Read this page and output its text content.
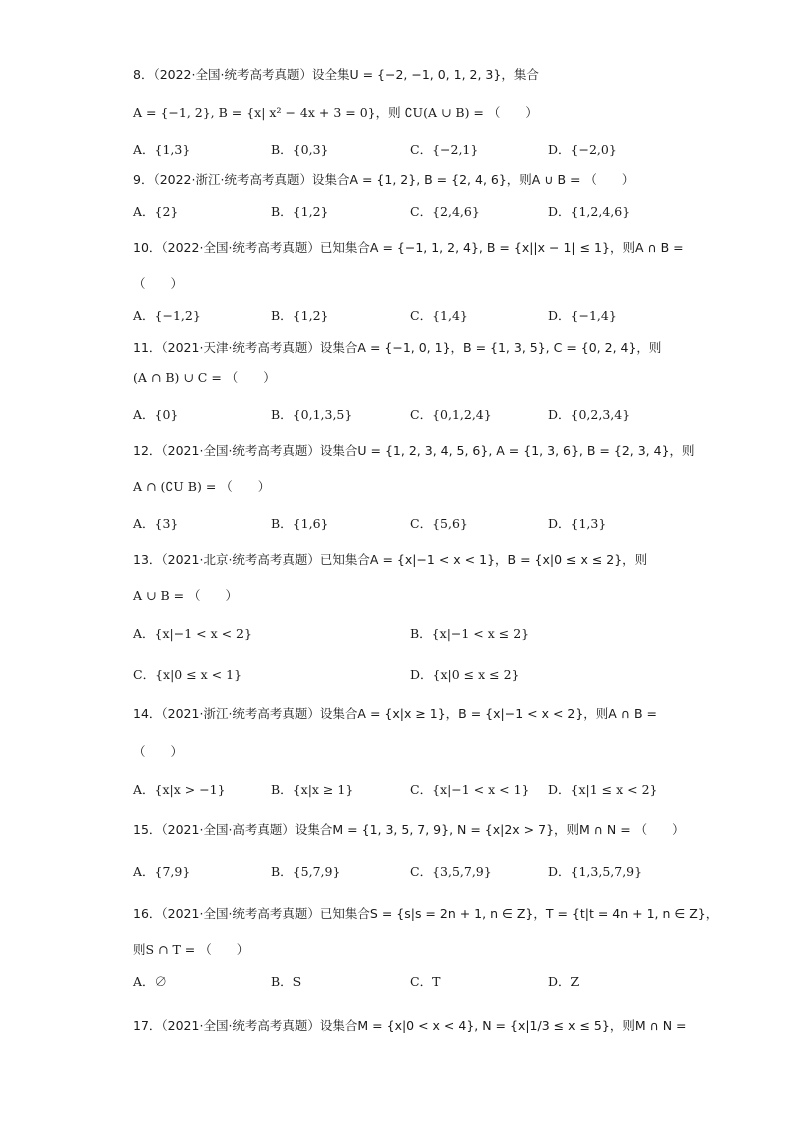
8．（2022·全国·统考高考真题）设全集U = {−2, −1, 0, 1, 2, 3}，集合
A = {−1, 2}, B = {x| x² − 4x + 3 = 0}，则 ∁U(A ∪ B) = （　　）
A．{1,3}	B．{0,3}	C．{−2,1}	D．{−2,0}
9．（2022·浙江·统考高考真题）设集合A = {1, 2}, B = {2, 4, 6}，则A ∪ B = （　　）
A．{2}	B．{1,2}	C．{2,4,6}	D．{1,2,4,6}
10．（2022·全国·统考高考真题）已知集合A = {−1, 1, 2, 4}, B = {x||x − 1| ≤ 1}，则A ∩ B =
（　　）
A．{−1,2}	B．{1,2}	C．{1,4}	D．{−1,4}
11．（2021·天津·统考高考真题）设集合A = {−1, 0, 1}，B = {1, 3, 5}, C = {0, 2, 4}，则
(A ∩ B) ∪ C = （　　）
A．{0}	B．{0,1,3,5}	C．{0,1,2,4}	D．{0,2,3,4}
12．（2021·全国·统考高考真题）设集合U = {1, 2, 3, 4, 5, 6}, A = {1, 3, 6}, B = {2, 3, 4}，则
A ∩ (∁U B) = （　　）
A．{3}	B．{1,6}	C．{5,6}	D．{1,3}
13．（2021·北京·统考高考真题）已知集合A = {x|−1 < x < 1}，B = {x|0 ≤ x ≤ 2}，则
A ∪ B = （　　）
A．{x|−1 < x < 2}	B．{x|−1 < x ≤ 2}
C．{x|0 ≤ x < 1}	D．{x|0 ≤ x ≤ 2}
14．（2021·浙江·统考高考真题）设集合A = {x|x ≥ 1}，B = {x|−1 < x < 2}，则A ∩ B =
（　　）
A．{x|x > −1}	B．{x|x ≥ 1}	C．{x|−1 < x < 1} D．{x|1 ≤ x < 2}
15．（2021·全国·高考真题）设集合M = {1, 3, 5, 7, 9}, N = {x|2x > 7}，则M ∩ N = （　　）
A．{7,9}	B．{5,7,9}	C．{3,5,7,9}	D．{1,3,5,7,9}
16．（2021·全国·统考高考真题）已知集合S = {s|s = 2n + 1, n ∈ Z}，T = {t|t = 4n + 1, n ∈ Z}，
则S ∩ T = （　　）
A．∅	B．S	C．T	D．Z
17．（2021·全国·统考高考真题）设集合M = {x|0 < x < 4}, N = {x|1/3 ≤ x ≤ 5}，则M ∩ N =
